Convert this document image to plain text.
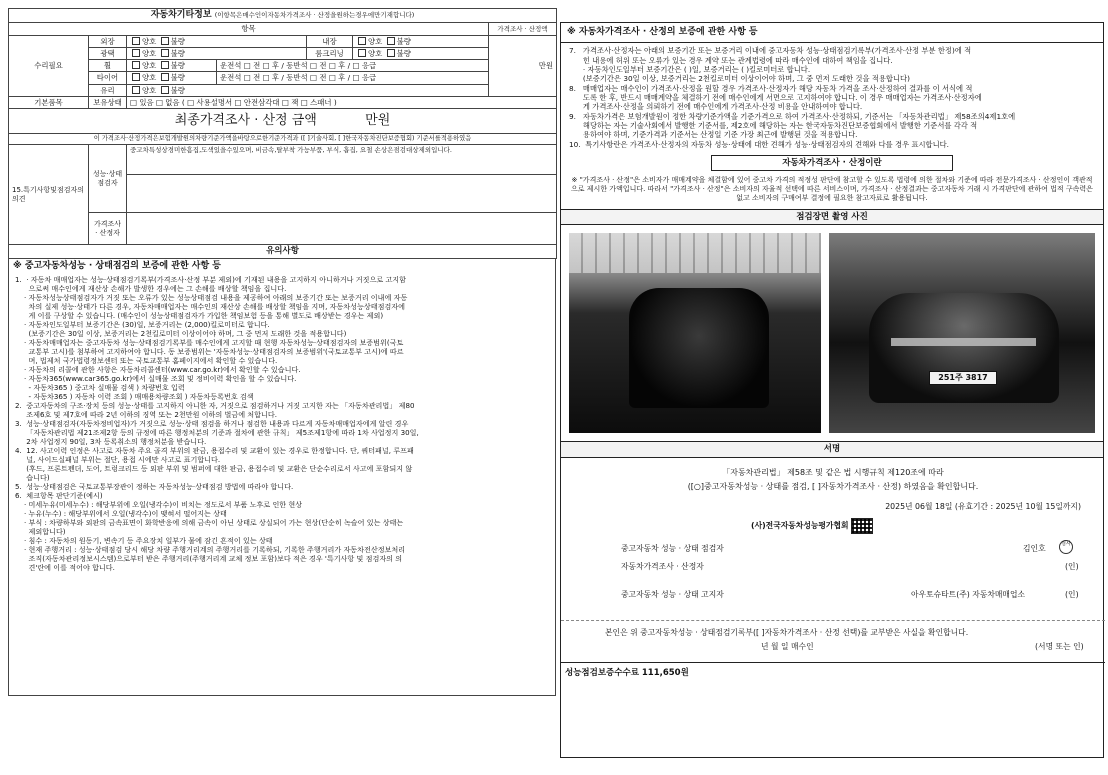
자동차기타정보 (이항목은매수인이자동차가격조사 · 산정을원하는경우에만기재합니다)						
항목						가격조사 · 산정액
수리필요	외장	양호 불량		내장	양호 불량	만원
	광택	양호 불량		룸크리닝	양호 불량	
	휠	양호 불량	운전석 □ 전 □ 후 / 동반석 □ 전 □ 후 / □ 응급			
	타이어	양호 불량	운전석 □ 전 □ 후 / 동반석 □ 전 □ 후 / □ 응급			
	유리	양호 불량				
기본품목	보유상태	□ 있음 □ 없음 ( □ 사용설명서 □ 안전삼각대 □ 잭 □ 스패너 )				
최종가격조사 · 산정 금액 만원						
이 가격조사·산정가격은보험개발원의차량기준가액을바탕으로한기준가격과 ([ ]기술사회, [ ]한국자동차진단보증협회) 기준서를적용하였음						
15.특기사항및점검자의의견	성능·상태 점검자	중고차특성상경미한흠집,도색있을수있으며, 비금속,탈부착 가능부품, 부식, 흡집, 요철 손상은점검대상제외입니다.				

	가격조사 · 산정자					
유의사항						
※ 중고자동차성능 · 상태점검의 보증에 관한 사항 등

1.  · 자동차 매매업자는 성능·상태점검기록부(가격조사·산정 부분 제외)에 기재된 내용을 고지하지 아니하거나 거짓으로 고지함

으로써 매수인에게 재산상 손해가 발생한 경우에는 그 손해를 배상할 책임을 집니다.

· 자동차성능상태점검자가 거짓 또는 오류가 있는 성능상태점검 내용을 제공하여 아래의 보증기간 또는 보증거리 이내에 자동

차의 실제 성능·상태가 다른 경우, 자동차매매업자는 매수인의 재산상 손해를 배상할 책임을 지며, 자동차성능상태점검자에

게 이를 구상할 수 있습니다. (매수인이 성능상태점검자가 가입한 책임보험 등을 통해 별도로 배상받는 경우는 제외)

· 자동차인도일부터 보증기간은 (30)일, 보증거리는 (2,000)킬로미터로 합니다.

(보증기간은 30일 이상, 보증거리는 2천킬로미터 이상이어야 하며, 그 중 먼저 도래한 것을 적용합니다)

· 자동차매매업자는 중고자동차 성능·상태점검기록부를 매수인에게 고지할 때 현행 자동차성능·상태점검자의 보증범위(국토

교통부 고시)를 첨부하여 고지하여야 합니다. 동 보증범위는 '자동차성능·상태점검자의 보증범위'(국토교통부 고시)에 따르

며, 법제처 국가법령정보센터 또는 국토교통부 홈페이지에서 확인할 수 있습니다.

· 자동차의 리콜에 관한 사항은 자동차리콜센터(www.car.go.kr)에서 확인할 수 있습니다.

· 자동차365(www.car365.go.kr)에서 실매물 조회 및 정비이력 확인을 할 수 있습니다.

- 자동차365 ) 중고차 실매물 검색 ) 차량번호 입력

- 자동차365 ) 자동차 이력 조회 ) 매매용차량조회 ) 자동차등록번호 검색

2.  중고자동차의 구조·장치 등의 성능·상태를 고지하지 아니한 자, 거짓으로 점검하거나 거짓 고지한 자는 「자동차관리법」 제80

조제6호 및 제7호에 따라 2년 이하의 징역 또는 2천만원 이하의 벌금에 처합니다.

3.  성능·상태점검자(자동차정비업자)가 거짓으로 성능·상태 점검을 하거나 점검한 내용과 다르게 자동차매매업자에게 알린 경우

「자동차관리법 제21조제2항 등의 규정에 따른 행정처분의 기준과 절차에 관한 규칙」 제5조제1항에 따라 1차 사업정지 30일,

2차 사업정지 90일, 3차 등록취소의 행정처분을 받습니다.

4.  12. 사고이력 인정은 사고로 자동차 주요 골격 부위의 판금, 용접수리 및 교환이 있는 경우로 한정합니다. 단, 쿼터패널, 루프패

널, 사이드실패널 부위는 절단, 용접 시에만 사고로 표기합니다.

(후드, 프론트펜더, 도어, 트렁크리드 등 외판 부위 및 범퍼에 대한 판금, 용접수리 및 교환은 단순수리로서 사고에 포함되지 않

습니다)

5.  성능·상태점검은 국토교통부장관이 정하는 자동차성능·상태점검 방법에 따라야 합니다.

6.  체크항목 판단기준(예시)

· 미세누유(미세누수) : 해당부위에 오일(냉각수)이 비치는 정도로서 부품 노후로 인한 현상

· 누유(누수) : 해당부위에서 오일(냉각수)이 맺혀서 떨어지는 상태

· 부식 : 차량하부와 외판의 금속표면이 화학반응에 의해 금속이 아닌 상태로 상실되어 가는 현상(단순히 녹슬어 있는 상태는

제외합니다)

· 침수 : 자동차의 원동기, 변속기 등 주요장치 일부가 물에 잠긴 흔적이 있는 상태

· 현재 주행거리 : 성능·상태점검 당시 해당 차량 주행거리계의 주행거리를 기록하되, 기록한 주행거리가 자동차전산정보처리

조직(자동차관리정보시스템)으로부터 받은 주행거리(주행거리계 교체 정보 포함)보다 적은 경우 '특기사항 및 점검자의 의

견'란에 이를 적어야 합니다.

※ 자동차가격조사 · 산정의 보증에 관한 사항 등

7.   가격조사·산정자는 아래의 보증기간 또는 보증거리 이내에 중고자동차 성능·상태점검기록부(가격조사·산정 부분 한정)에 적

힌 내용에 허위 또는 오류가 있는 경우 계약 또는 관계법령에 따라 매수인에 대하여 책임을 집니다.

· 자동차인도일부터 보증기간은 ( )일, 보증거리는 ( )킬로미터로 합니다.

(보증기간은 30일 이상, 보증거리는 2천킬로미터 이상이어야 하며, 그 중 먼저 도래한 것을 적용합니다)

8.   매매업자는 매수인이 가격조사·산정을 원할 경우 가격조사·산정자가 해당 자동차 가격을 조사·산정하여 결과를 이 서식에 적

도록 한 후, 반드시 매매계약을 체결하기 전에 매수인에게 서면으로 고지하여야 합니다. 이 경우 매매업자는 가격조사·산정자에

게 가격조사·산정을 의뢰하기 전에 매수인에게 가격조사·산정 비용을 안내하여야 합니다.

9.   자동차가격은 보험개발원이 정한 차량기준가액을 기준가격으로 하여 가격조사·산정하되, 기준서는 「자동차관리법」 제58조의4제1호에

해당하는 자는 기술사회에서 발행한 기준서를, 제2호에 해당하는 자는 한국자동차진단보증협회에서 발행한 기준서를 각각 적

용하여야 하며, 기준가격과 기준서는 산정일 기준 가장 최근에 발행된 것을 적용합니다.

10.  특기사항란은 가격조사·산정자의 자동차 성능·상태에 대한 견해가 성능·상태점검자의 견해와 다를 경우 표시합니다.

자동차가격조사 · 산정이란
※ "가격조사 · 산정"은 소비자가 매매계약을 체결함에 있어 중고차 가격의 적정성 판단에 참고할 수 있도록 법령에 의한 절차와 기준에 따라 전문가격조사 · 산정인이 객관적으로 제시한 가액입니다. 따라서 "가격조사 · 산정"은 소비자의 자율적 선택에 따른 서비스이며, 가격조사 · 산정결과는 중고자동차 거래 시 가격판단에 관하여 법적 구속력은 없고 소비자의 구매여부 결정에 필요한 참고자료로 활용됩니다.
점검장면 촬영 사진
251주 3817
서명
「자동차관리법」 제58조 및 같은 법 시행규칙 제120조에 따라
([○]중고자동차성능 · 상태를 점검, [ ]자동차가격조사 · 산정) 하였음을 확인합니다.
2025년 06월 18일 (유효기간 : 2025년 10월 15일까지)
(사)전국자동차성능평가협회
중고자동차 성능 · 상태 점검자	김인호	검사
자동차가격조사 · 산정자	(인)
중고자동차 성능 · 상태 고지자	아우토슈타트(주) 자동차매매업소	(인)
본인은 위 중고자동차성능 · 상태점검기록부([ ]자동차가격조사 · 산정 선택)를 교부받은 사실을 확인합니다.
년 월 일 매수인	(서명 또는 인)
성능점검보증수수료 111,650원
